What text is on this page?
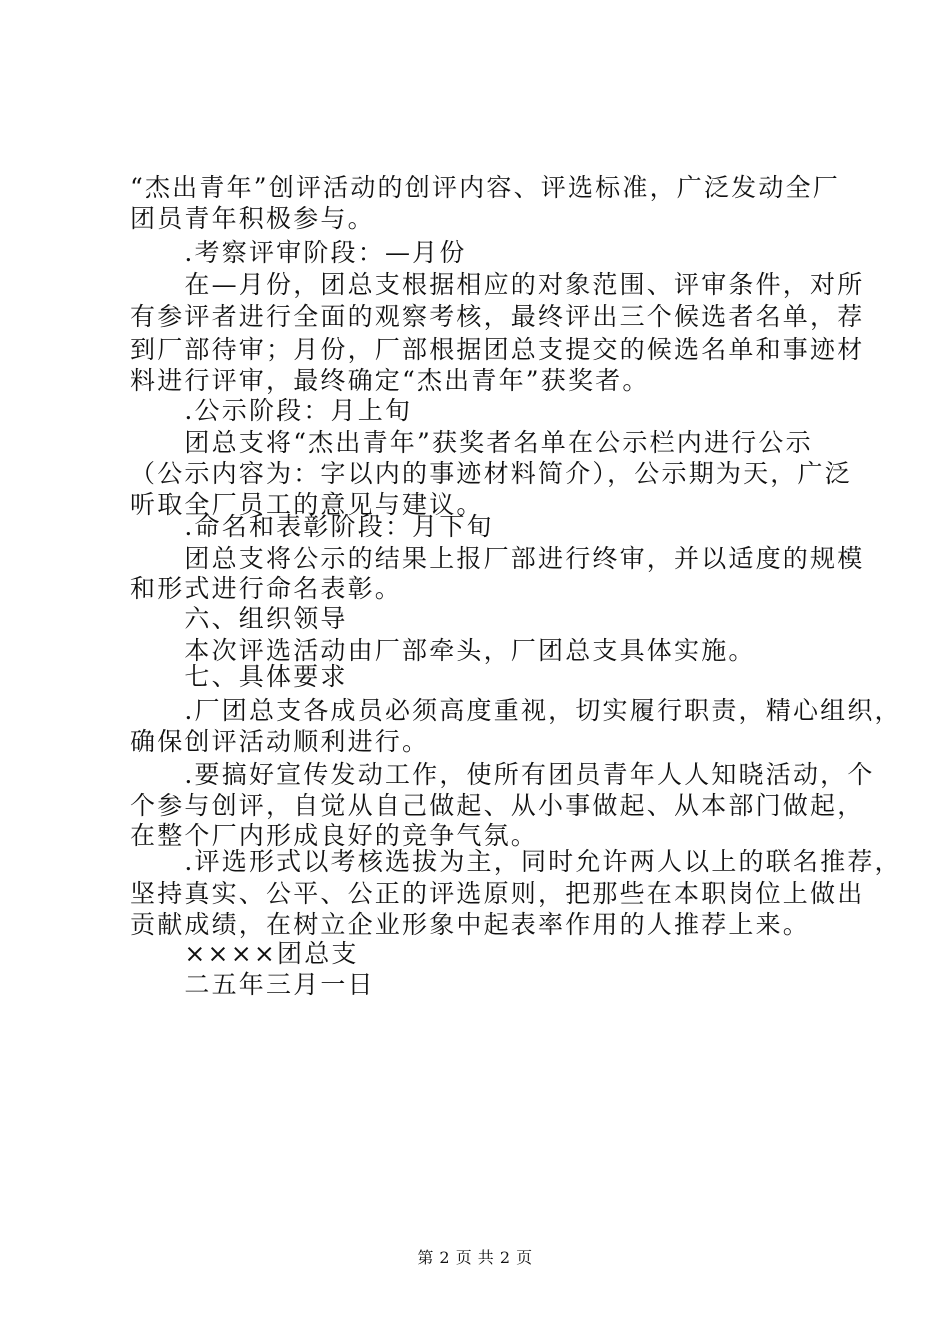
“杰出青年”创评活动的创评内容、评选标准，广泛发动全厂
团员青年积极参与。
　　.考察评审阶段：—月份
　　在—月份，团总支根据相应的对象范围、评审条件，对所
有参评者进行全面的观察考核，最终评出三个候选者名单，荐
到厂部待审；月份，厂部根据团总支提交的候选名单和事迹材
料进行评审，最终确定“杰出青年”获奖者。
　　.公示阶段：月上旬
　　团总支将“杰出青年”获奖者名单在公示栏内进行公示
（公示内容为：字以内的事迹材料简介），公示期为天，广泛
听取全厂员工的意见与建议。
　　.命名和表彰阶段：月下旬
　　团总支将公示的结果上报厂部进行终审，并以适度的规模
和形式进行命名表彰。
　　六、组织领导
　　本次评选活动由厂部牵头，厂团总支具体实施。
　　七、具体要求
　　.厂团总支各成员必须高度重视，切实履行职责，精心组织，
确保创评活动顺利进行。
　　.要搞好宣传发动工作，使所有团员青年人人知晓活动，个
个参与创评，自觉从自己做起、从小事做起、从本部门做起，
在整个厂内形成良好的竞争气氛。
　　.评选形式以考核选拔为主，同时允许两人以上的联名推荐，
坚持真实、公平、公正的评选原则，把那些在本职岗位上做出
贡献成绩，在树立企业形象中起表率作用的人推荐上来。
　　××××团总支
　　二五年三月一日
第 2 页 共 2 页
